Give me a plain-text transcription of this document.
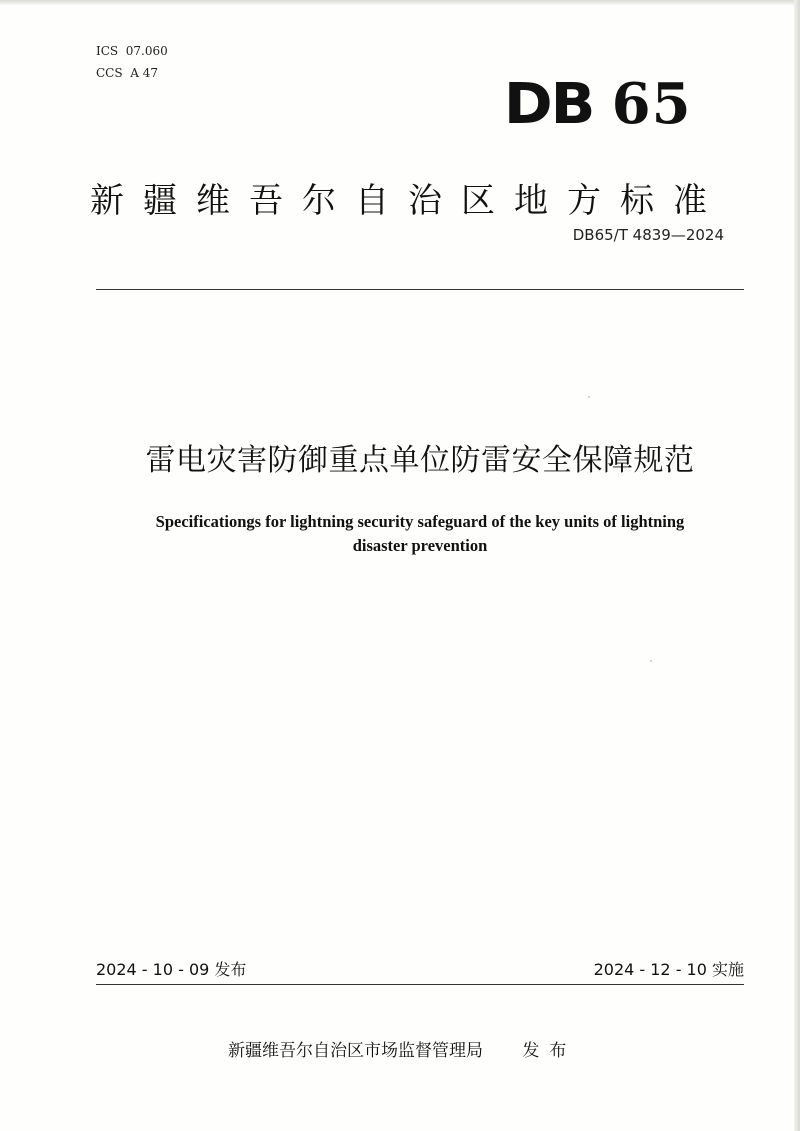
ICS  07.060
CCS  A 47	DB 65
新疆维吾尔自治区地方标准
DB65/T 4839—2024
雷电灾害防御重点单位防雷安全保障规范
Specificationgs for lightning security safeguard of the key units of lightning
disaster prevention
2024 - 10 - 09 发布	2024 - 12 - 10 实施
新疆维吾尔自治区市场监督管理局 发布
